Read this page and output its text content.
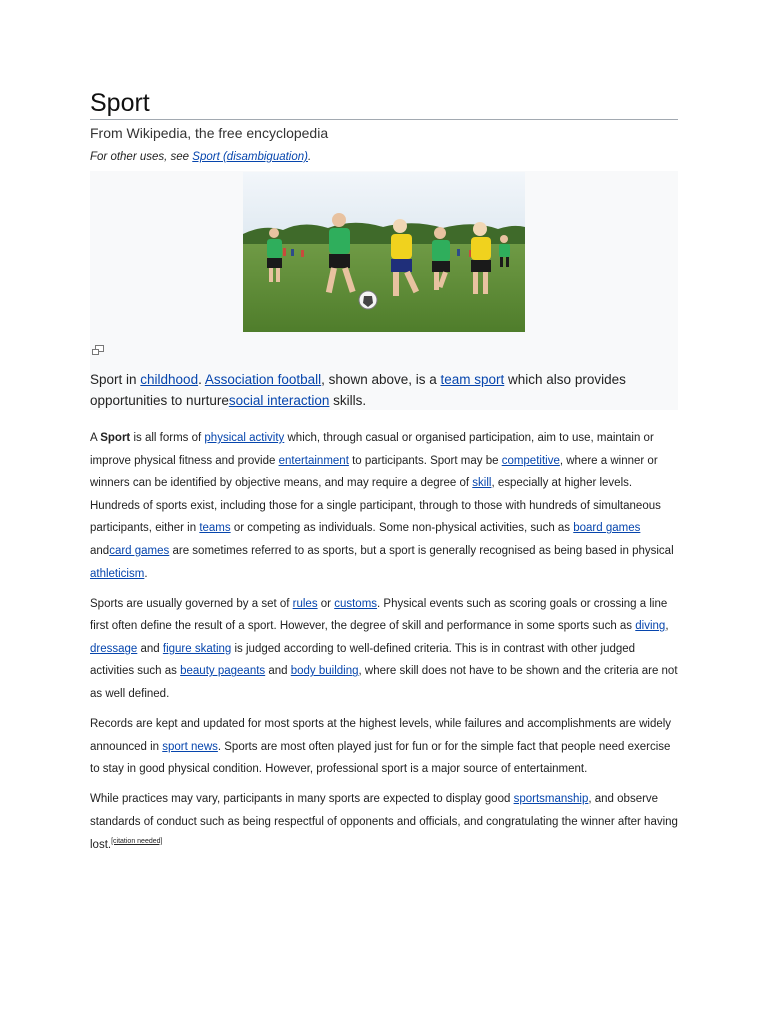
Sport
From Wikipedia, the free encyclopedia
For other uses, see Sport (disambiguation).
Sport in childhood. Association football, shown above, is a team sport which also provides opportunities to nurturesocial interaction skills.

A Sport is all forms of physical activity which, through casual or organised participation, aim to use, maintain or improve physical fitness and provide entertainment to participants. Sport may be competitive, where a winner or winners can be identified by objective means, and may require a degree of skill, especially at higher levels. Hundreds of sports exist, including those for a single participant, through to those with hundreds of simultaneous participants, either in teams or competing as individuals. Some non-physical activities, such as board games andcard games are sometimes referred to as sports, but a sport is generally recognised as being based in physical athleticism.

Sports are usually governed by a set of rules or customs. Physical events such as scoring goals or crossing a line first often define the result of a sport. However, the degree of skill and performance in some sports such as diving, dressage and figure skating is judged according to well-defined criteria. This is in contrast with other judged activities such as beauty pageants and body building, where skill does not have to be shown and the criteria are not as well defined.

Records are kept and updated for most sports at the highest levels, while failures and accomplishments are widely announced in sport news. Sports are most often played just for fun or for the simple fact that people need exercise to stay in good physical condition. However, professional sport is a major source of entertainment.

While practices may vary, participants in many sports are expected to display good sportsmanship, and observe standards of conduct such as being respectful of opponents and officials, and congratulating the winner after having lost.[citation needed]
